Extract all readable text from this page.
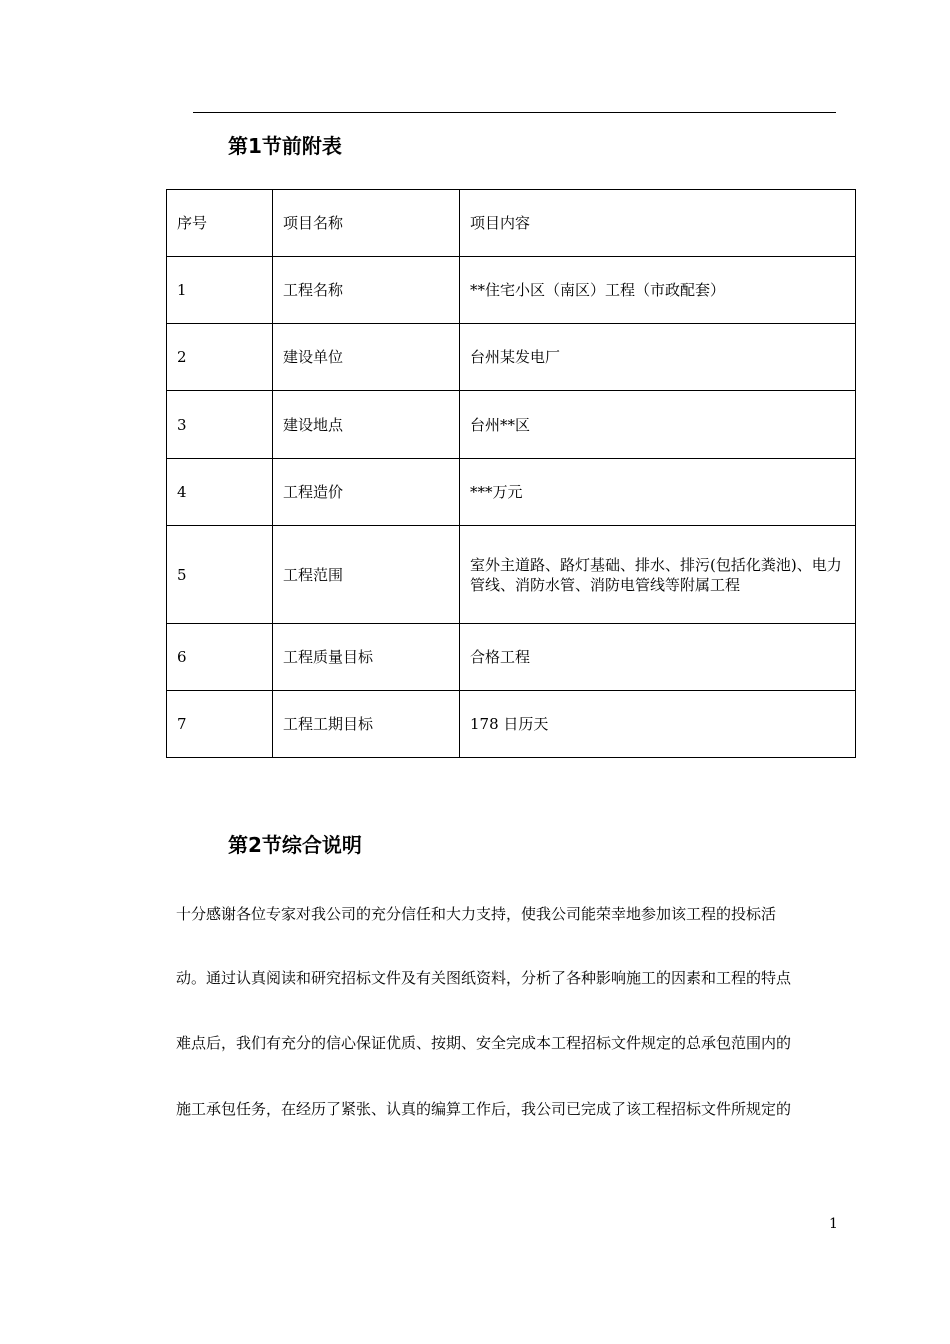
第1节前附表
序号	项目名称	项目内容
1	工程名称	**住宅小区（南区）工程（市政配套）
2	建设单位	台州某发电厂
3	建设地点	台州**区
4	工程造价	***万元
5	工程范围	室外主道路、路灯基础、排水、排污(包括化粪池)、电力管线、消防水管、消防电管线等附属工程
6	工程质量目标	合格工程
7	工程工期目标	178 日历天
第2节综合说明
十分感谢各位专家对我公司的充分信任和大力支持，使我公司能荣幸地参加该工程的投标活
动。通过认真阅读和研究招标文件及有关图纸资料，分析了各种影响施工的因素和工程的特点
难点后，我们有充分的信心保证优质、按期、安全完成本工程招标文件规定的总承包范围内的
施工承包任务，在经历了紧张、认真的编算工作后，我公司已完成了该工程招标文件所规定的
1
